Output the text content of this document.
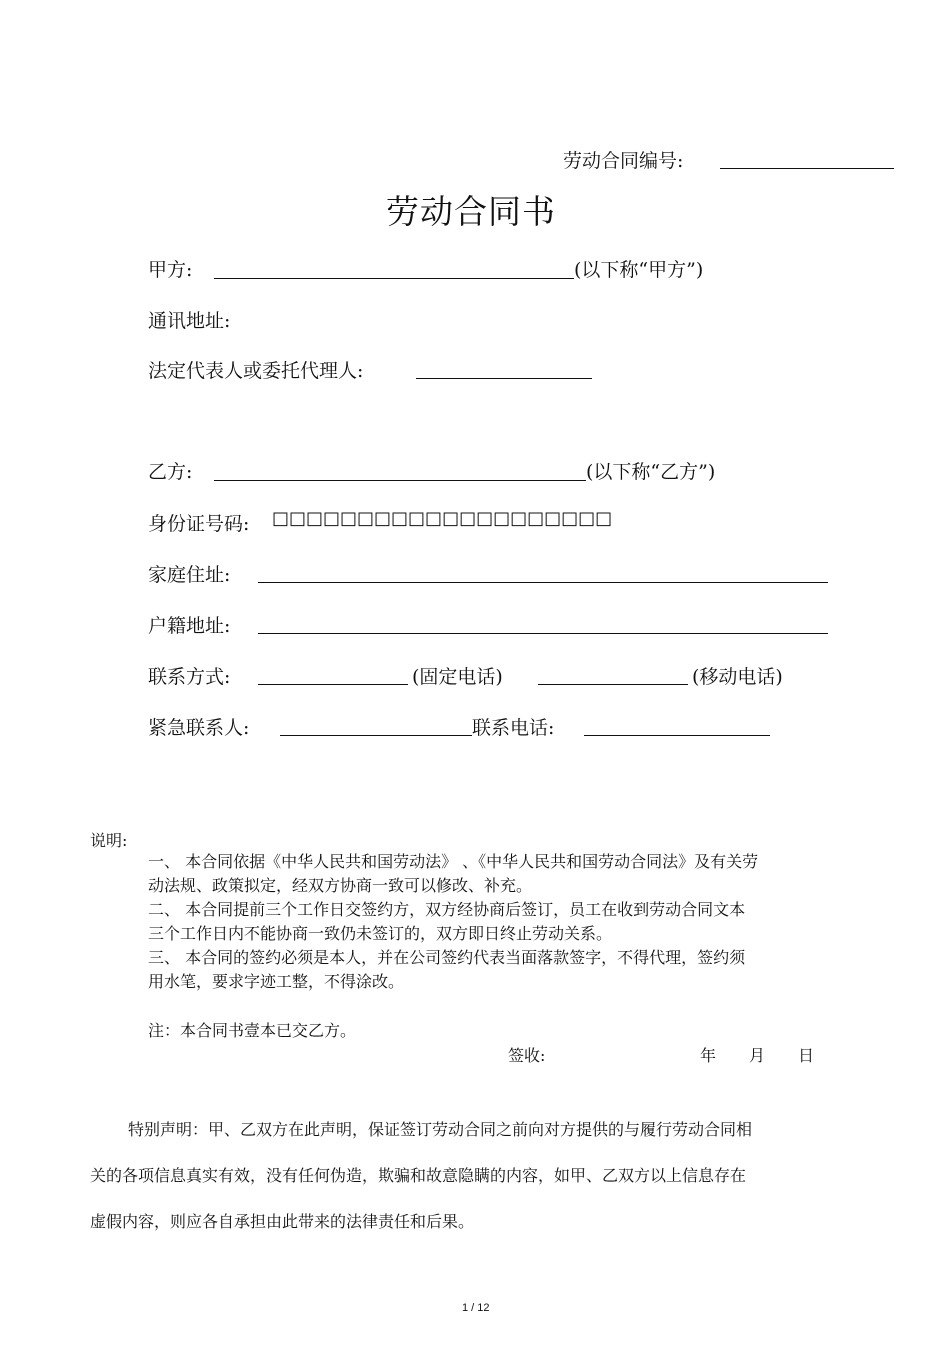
劳动合同编号:
劳动合同书
甲方:	(以下称“甲方”)
通讯地址:
法定代表人或委托代理人:
乙方:	(以下称“乙方”)
身份证号码: □□□□□□□□□□□□□□□□□□□□
家庭住址:
户籍地址:
联系方式:	(固定电话)	(移动电话)
紧急联系人:	联系电话:
说明:
一、 本合同依据《中华人民共和国劳动法》 、《中华人民共和国劳动合同法》及有关劳
动法规、政策拟定，经双方协商一致可以修改、补充。
二、 本合同提前三个工作日交签约方，双方经协商后签订，员工在收到劳动合同文本
三个工作日内不能协商一致仍未签订的，双方即日终止劳动关系。
三、 本合同的签约必须是本人，并在公司签约代表当面落款签字，不得代理，签约须
用水笔，要求字迹工整，不得涂改。
注：本合同书壹本已交乙方。
签收:	年 月 日
特别声明：甲、乙双方在此声明，保证签订劳动合同之前向对方提供的与履行劳动合同相
关的各项信息真实有效，没有任何伪造，欺骗和故意隐瞒的内容，如甲、乙双方以上信息存在
虚假内容，则应各自承担由此带来的法律责任和后果。
1 / 12
